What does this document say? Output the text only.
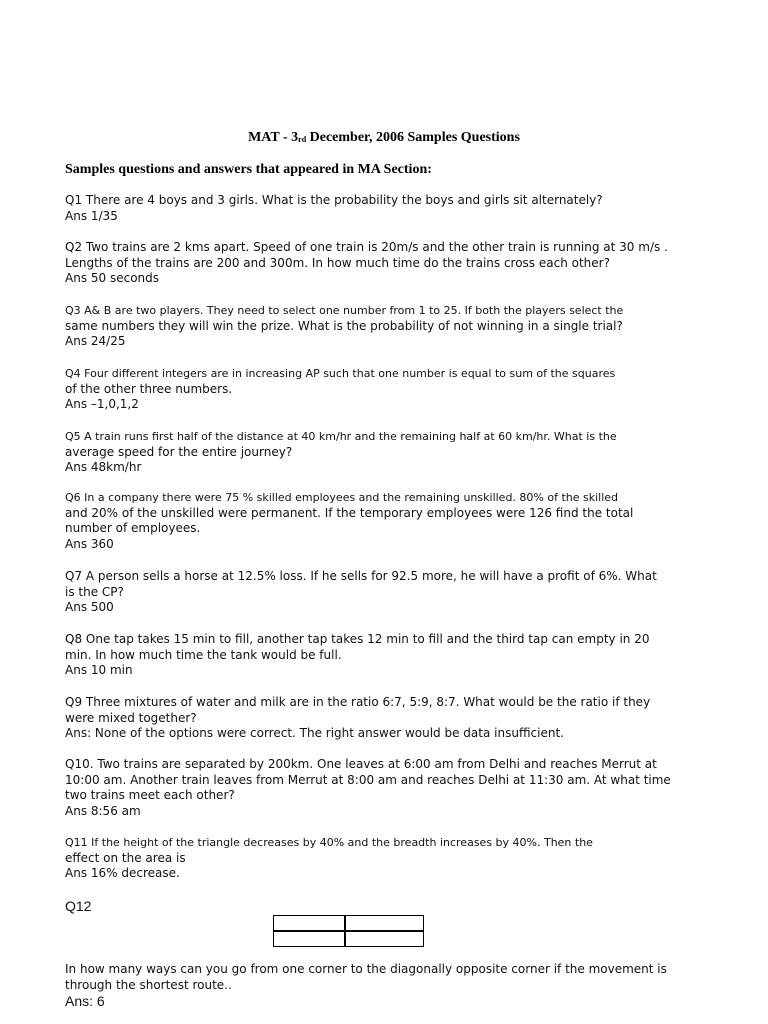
MAT - 3rd December, 2006 Samples Questions
Samples questions and answers that appeared in MA Section:
Q1 There are 4 boys and 3 girls. What is the probability the boys and girls sit alternately?
Ans 1/35
Q2 Two trains are 2 kms apart. Speed of one train is 20m/s and the other train is running at 30 m/s .
Lengths of the trains are 200 and 300m. In how much time do the trains cross each other?
Ans 50 seconds
Q3 A& B are two players. They need to select one number from 1 to 25. If both the players select the
same numbers they will win the prize. What is the probability of not winning in a single trial?
Ans 24/25
Q4 Four different integers are in increasing AP such that one number is equal to sum of the squares
of the other three numbers.
Ans –1,0,1,2
Q5 A train runs first half of the distance at 40 km/hr and the remaining half at 60 km/hr. What is the
average speed for the entire journey?
Ans 48km/hr
Q6 In a company there were 75 % skilled employees and the remaining unskilled. 80% of the skilled
and 20% of the unskilled were permanent. If the temporary employees were 126 find the total
number of employees.
Ans 360
Q7 A person sells a horse at 12.5% loss. If he sells for 92.5 more, he will have a profit of 6%. What
is the CP?
Ans 500
Q8 One tap takes 15 min to fill, another tap takes 12 min to fill and the third tap can empty in 20
min. In how much time the tank would be full.
Ans 10 min
Q9 Three mixtures of water and milk are in the ratio 6:7, 5:9, 8:7. What would be the ratio if they
were mixed together?
Ans: None of the options were correct. The right answer would be data insufficient.
Q10. Two trains are separated by 200km. One leaves at 6:00 am from Delhi and reaches Merrut at
10:00 am. Another train leaves from Merrut at 8:00 am and reaches Delhi at 11:30 am. At what time
two trains meet each other?
Ans 8:56 am
Q11 If the height of the triangle decreases by 40% and the breadth increases by 40%. Then the
effect on the area is
Ans 16% decrease.
Q12
In how many ways can you go from one corner to the diagonally opposite corner if the movement is
through the shortest route..
Ans: 6
